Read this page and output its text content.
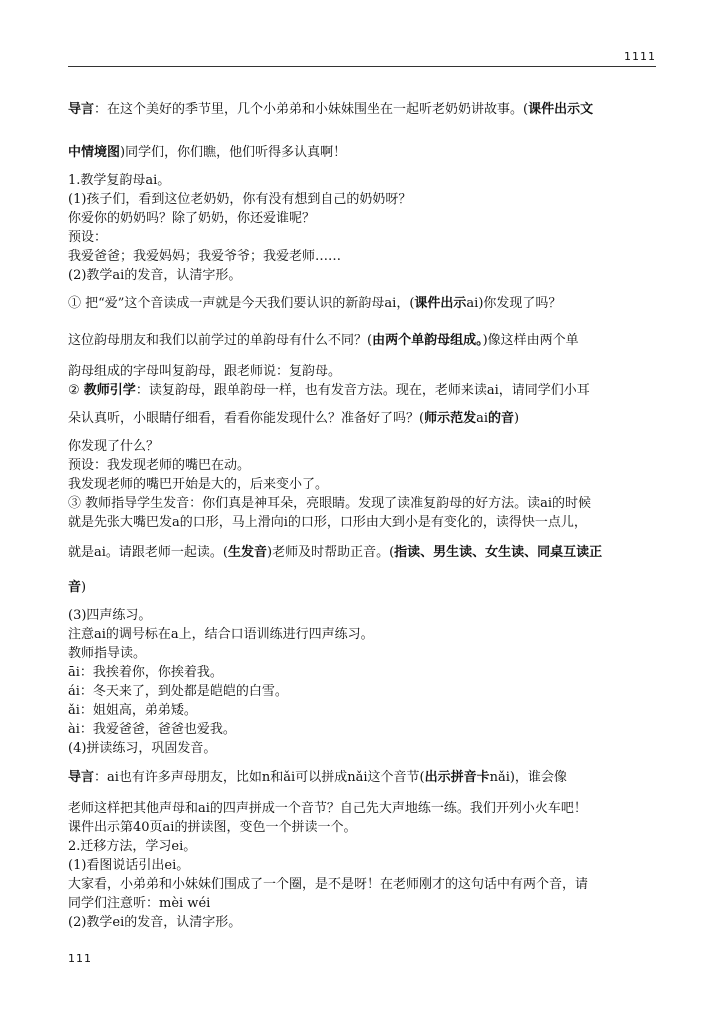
1111
导言：在这个美好的季节里，几个小弟弟和小妹妹围坐在一起听老奶奶讲故事。(课件出示文
中情境图)同学们，你们瞧，他们听得多认真啊！
1.教学复韵母ai。
(1)孩子们，看到这位老奶奶，你有没有想到自己的奶奶呀？
你爱你的奶奶吗？除了奶奶，你还爱谁呢？
预设：
我爱爸爸；我爱妈妈；我爱爷爷；我爱老师……
(2)教学ai的发音，认清字形。
① 把“爱”这个音读成一声就是今天我们要认识的新韵母ai，(课件出示ai)你发现了吗？
这位韵母朋友和我们以前学过的单韵母有什么不同？(由两个单韵母组成。)像这样由两个单
韵母组成的字母叫复韵母，跟老师说：复韵母。
② 教师引学：读复韵母，跟单韵母一样，也有发音方法。现在，老师来读ai，请同学们小耳
朵认真听，小眼睛仔细看，看看你能发现什么？准备好了吗？(师示范发ai的音)
你发现了什么？
预设：我发现老师的嘴巴在动。
我发现老师的嘴巴开始是大的，后来变小了。
③ 教师指导学生发音：你们真是神耳朵，亮眼睛。发现了读准复韵母的好方法。读ai的时候
就是先张大嘴巴发a的口形，马上滑向i的口形，口形由大到小是有变化的，读得快一点儿，
就是ai。请跟老师一起读。(生发音)老师及时帮助正音。(指读、男生读、女生读、同桌互读正
音)
(3)四声练习。
注意ai的调号标在a上，结合口语训练进行四声练习。
教师指导读。
āi：我挨着你，你挨着我。
ái：冬天来了，到处都是皑皑的白雪。
ǎi：姐姐高，弟弟矮。
ài：我爱爸爸，爸爸也爱我。
(4)拼读练习，巩固发音。
导言：ai也有许多声母朋友，比如n和ǎi可以拼成nǎi这个音节(出示拼音卡nǎi)，谁会像
老师这样把其他声母和ai的四声拼成一个音节？自己先大声地练一练。我们开列小火车吧！
课件出示第40页ai的拼读图，变色一个拼读一个。
2.迁移方法，学习ei。
(1)看图说话引出ei。
大家看，小弟弟和小妹妹们围成了一个圈，是不是呀！在老师刚才的这句话中有两个音，请
同学们注意听：mèi wéi
(2)教学ei的发音，认清字形。
111
